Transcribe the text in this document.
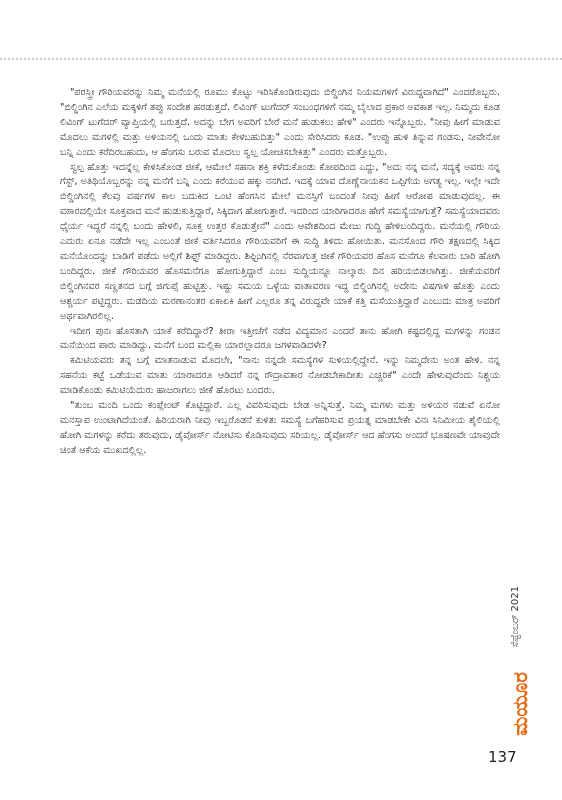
"ಪರಸ್ತ್ರೀ ಗೌರಿಯವರನ್ನು ನಿಮ್ಮ ಮನೆಯಲ್ಲಿ ರೂಮು ಕೊಟ್ಟು ಇರಿಸಿಕೊಂಡಿರುವುದು ಬಿಲ್ಡಿಂಗಿನ ನಿಯಮಗಳಿಗೆ ವಿರುದ್ಧವಾಗಿದೆ" ಎಂದರೊಬ್ಬರು. "ಬಿಲ್ಡಿಂಗಿನ ಎಲೆಯ ಮಕ್ಕಳಿಗೆ ತಪ್ಪು ಸಂದೇಶ ಹರಡುತ್ತದೆ. ಲಿವಿಂಗ್ ಟುಗೆದರ್ ಸಂಬಂಧಗಳಿಗೆ ನಮ್ಮ ಬೈಲಾದ ಪ್ರಕಾರ ಅವಕಾಶ ಇಲ್ಲ. ನಿಮ್ಮದು ಕೂಡ ಲಿವಿಂಗ್ ಟುಗೆದರ್ ವ್ಯಾಪ್ತಿಯಲ್ಲಿ ಬರುತ್ತದೆ. ಅದನ್ನು ಬೇಗ ಅವರಿಗೆ ಬೇರೆ ಮನೆ ಹುಡುಕಲು ಹೇಳಿ" ಎಂದರು ಇನ್ನೊಬ್ಬರು. "ನೀವು ಹೀಗೆ ಮಾಡುವ ಮೊದಲು ಮಗಳಲ್ಲಿ ಮತ್ತು ಅಳಿಯನಲ್ಲಿ ಒಂದು ಮಾತು ಕೇಳಬಹುದಿತ್ತು" ಎಂದು ಸೇರಿಸಿದರು ಕೂಡ. "ಉಪ್ಪು ಹುಳಿ ತಿನ್ನುವ ಗಂಡಸು, ನೀವೇನೋ ಬನ್ನಿ ಎಂದು ಕರೆದಿರಬಹುದು, ಆ ಹೆಂಗಸು ಬರುವ ಮೊದಲು ಸ್ವಲ್ಪ ಯೋಚಿಸಬೇಕಿತ್ತು" ಎಂದರು ಮತ್ತೊಬ್ಬರು.

ಸ್ವಲ್ಪ ಹೊತ್ತು ಇದನ್ನೆಲ್ಲ ಕೇಳಿಸಿಕೊಂಡ ಜೀಕೆ, ಆಮೇಲೆ ಸಹನಾ ಶಕ್ತಿ ಕಳೆದುಕೊಂಡು ಕೋಪದಿಂದ ಎದ್ದು, "ಅದು ನನ್ನ ಮನೆ, ಸದ್ಯಕ್ಕೆ ಅವರು ನನ್ನ ಗೆಸ್ಟ್, ಅತಿಥಿಯೊಬ್ಬರನ್ನು ನನ್ನ ಮನೆಗೆ ಬನ್ನಿ ಎಂದು ಕರೆಯುವ ಹಕ್ಕು ನನಗಿದೆ. ಇದಕ್ಕೆ ಯಾವ ದೊಣ್ಣೆನಾಯಕನ ಒಪ್ಪಿಗೆಯ ಅಗತ್ಯ ಇಲ್ಲ. ಇಲ್ಲೇ ಇದೇ ಬಿಲ್ಡಿಂಗಿನಲ್ಲಿ ಕೆಲವು ವರ್ಷಗಳ ಕಾಲ ಬದುಕಿದ ಒಂಟಿ ಹೆಂಗಸಿನ ಮೇಲೆ ಮನಸ್ಸಿಗೆ ಬಂದಂತೆ ನೀವು ಹೀಗೆ ಆರೋಪ ಮಾಡುವುದಲ್ಲ. ಈ ವಠಾರದಲ್ಲಿಯೇ ಸೂಕ್ತವಾದ ಮನೆ ಹುಡುಕುತ್ತಿದ್ದಾರೆ, ಸಿಕ್ಕಿದಾಗ ಹೋಗುತ್ತಾರೆ. ಇದರಿಂದ ಯಾರಿಗಾದರೂ ಹೇಗೆ ಸಮಸ್ಯೆಯಾಗುತ್ತೆ? ಸಮಸ್ಯೆಯಾದವರು ಧೈರ್ಯ ಇದ್ದರೆ ನನ್ನಲ್ಲಿ ಬಂದು ಹೇಳಲಿ, ಸೂಕ್ತ ಉತ್ತರ ಕೊಡುತ್ತೇನೆ" ಎಂದು ಆವೇಶದಿಂದ ಮೇಜು ಗುದ್ದಿ ಹೇಳಿಬಂದಿದ್ದರು. ಮನೆಯಲ್ಲಿ ಗೌರಿಯ ಎದುರು ಏನೂ ನಡೆದೇ ಇಲ್ಲ ಎಂಬಂತೆ ಜೀಕೆ ವರ್ತಿಸಿದರೂ ಗೌರಿಯವರಿಗೆ ಈ ಸುದ್ದಿ ತಿಳಿದು ಹೋಯಿತು. ಮನಸೊಂದ ಗೌರಿ ತಕ್ಷಣದಲ್ಲಿ ಸಿಕ್ಕಿದ ಮನೆಯೊಂದನ್ನು ಬಾಡಿಗೆ ಪಡೆದು ಅಲ್ಲಿಗೆ ಶಿಫ್ಟ್ ಮಾಡಿದ್ದರು. ಶಿಫ್ಟಿಂಗಿನಲ್ಲಿ ನೆರವಾಗುತ್ತ ಜೀಕೆ ಗೌರಿಯವರ ಹೊಸ ಮನೆಗೂ ಕೆಲವಾರು ಬಾರಿ ಹೋಗಿ ಬಂದಿದ್ದರು. ಜೀಕೆ ಗೌರಿಯವರ ಹೊಸಮನೆಗೂ ಹೋಗುತ್ತಿದ್ದಾರೆ ಎಂಬ ಸುದ್ದಿಯನ್ನೂ ನಾಲ್ಕಾರು ದಿನ ಹರಿಯಬಿಡಲಾಗಿತ್ತು. ಜೀಕೆಯವರಿಗೆ ಬಿಲ್ಡಿಂಗಿನವರ ಸಣ್ಣತನದ ಬಗ್ಗೆ ಜಿಗುಪ್ಸೆ ಹುಟ್ಟಿತ್ತು. ಇಷ್ಟು ಸಮಯ ಒಳ್ಳೆಯ ವಾತಾವರಣ ಇದ್ದ ಬಿಲ್ಡಿಂಗಿನಲ್ಲಿ ಅದೇನು ವಿಷಗಾಳಿ ಹೊತ್ತು ಎಂದು ಆಶ್ಚರ್ಯ ಪಟ್ಟಿದ್ದರು. ಮಡದಿಯ ಮರಣಾನಂತರ ಏಕಾಏಕಿ ಹೀಗೆ ಎಲ್ಲರೂ ತನ್ನ ವಿರುದ್ಧವೇ ಯಾಕೆ ಕತ್ತಿ ಮಸೆಯುತ್ತಿದ್ದಾರೆ ಎಂಬುದು ಮಾತ್ರ ಅವರಿಗೆ ಅರ್ಥವಾಗಿರಲಿಲ್ಲ.

ಇದೀಗ ಪುನಃ ಹೊಸತಾಗಿ ಯಾಕೆ ಕರೆದಿದ್ದಾರೆ? ತೀರಾ ಇತ್ತೀಚೆಗೆ ನಡೆದ ವಿದ್ಯಮಾನ ಎಂದರೆ ತಾನು ಹೋಗಿ ಕಷ್ಟದಲ್ಲಿದ್ದ ಮಗಳನ್ನು ಗಂಡನ ಮನೆಯಿಂದ ಪಾರು ಮಾಡಿದ್ದು. ಮನೆಗೆ ಬಂದ ಮಲ್ಲಿಕಾ ಯಾರಲ್ಲಾದರೂ ಜಗಳವಾಡಿದಳೇ?

ಕಮಿಟಿಯವರು ತನ್ನ ಬಗ್ಗೆ ಮಾತನಾಡುವ ಮೊದಲೇ, "ನಾನು ನನ್ನದೇ ಸಮಸ್ಯೆಗಳ ಸುಳಿಯಲ್ಲಿದ್ದೇನೆ. ಇನ್ನು ನಿಮ್ಮದೇನು ಅಂತ ಹೇಳಿ. ನನ್ನ ಸಹನೆಯ ಕಟ್ಟೆ ಒಡೆಯುವ ಮಾತು ಯಾರಾದರೂ ಆಡಿದರೆ ನನ್ನ ರೌದ್ರಾವತಾರ ನೋಡಬೇಕಾದೀತು ಎಚ್ಚರಿಕೆ" ಎಂದೇ ಹೇಳುವುದೆಂದು ನಿಶ್ಚಯ ಮಾಡಿಕೊಂಡು ಕಮಿಟಿಯೆದುರು ಹಾಜರಾಗಲು ಜೀಕೆ ಹೊರಟು ಬಂದರು.

"ತುಂಬ ಮಂದಿ ಒಂದು ಕಂಪ್ಲೇಂಟ್ ಕೊಟ್ಟಿದ್ದಾರೆ. ಎಲ್ಲ ವಿವರಿಸುವುದು ಬೇಡ ಅನ್ನಿಸುತ್ತೆ. ನಿಮ್ಮ ಮಗಳು ಮತ್ತು ಅಳಿಯರ ನಡುವೆ ಏನೋ ಮನಸ್ತಾಪ ಉಂಟಾಗಿದೆಯಂತೆ. ಹಿರಿಯರಾಗಿ ನೀವು ಇಬ್ಬರೊಡನೆ ಕುಳಿತು ಸಮಸ್ಯೆ ಬಗೆಹರಿಸುವ ಪ್ರಯತ್ನ ಮಾಡಬೇಕೇ ವಿನಃ ಸಿನಿಮೀಯ ಶೈಲಿಯಲ್ಲಿ ಹೋಗಿ ಮಗಳನ್ನು ಕರೆದು ತರುವುದು, ಡೈವೋರ್ಸ್ ನೋಟಿಸು ಕೊಡಿಸುವುದು ಸರಿಯಲ್ಲ. ಡೈವೋರ್ಸ್ ಆದ ಹೆಂಗಸು ಅಂದರೆ ಭೂಷಣವೇ ಯಾವುದೇ ಚಿಂತೆ ಆಕೆಯ ಮುಖದಲ್ಲಿಲ್ಲ.

ಸೆಪ್ಟೆಂಬರ್ 2021
ಮಯೂರ
137
